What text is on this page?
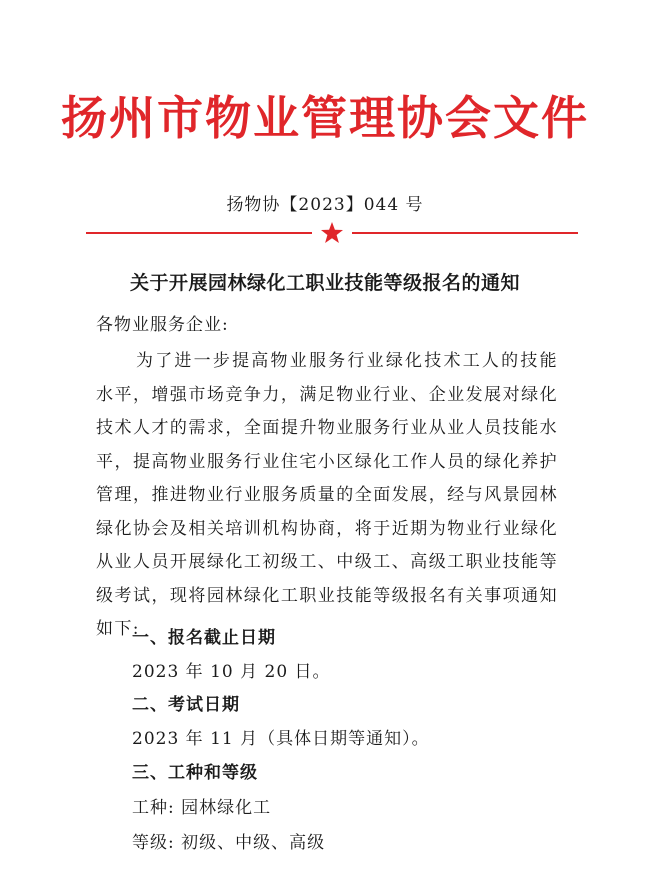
扬州市物业管理协会文件
扬物协【2023】044 号
关于开展园林绿化工职业技能等级报名的通知
各物业服务企业:
为了进一步提高物业服务行业绿化技术工人的技能水平，增强市场竞争力，满足物业行业、企业发展对绿化技术人才的需求，全面提升物业服务行业从业人员技能水平，提高物业服务行业住宅小区绿化工作人员的绿化养护管理，推进物业行业服务质量的全面发展，经与风景园林绿化协会及相关培训机构协商，将于近期为物业行业绿化从业人员开展绿化工初级工、中级工、高级工职业技能等级考试，现将园林绿化工职业技能等级报名有关事项通知如下:
一、报名截止日期
2023 年 10 月 20 日。
二、考试日期
2023 年 11 月（具体日期等通知）。
三、工种和等级
工种: 园林绿化工
等级: 初级、中级、高级
